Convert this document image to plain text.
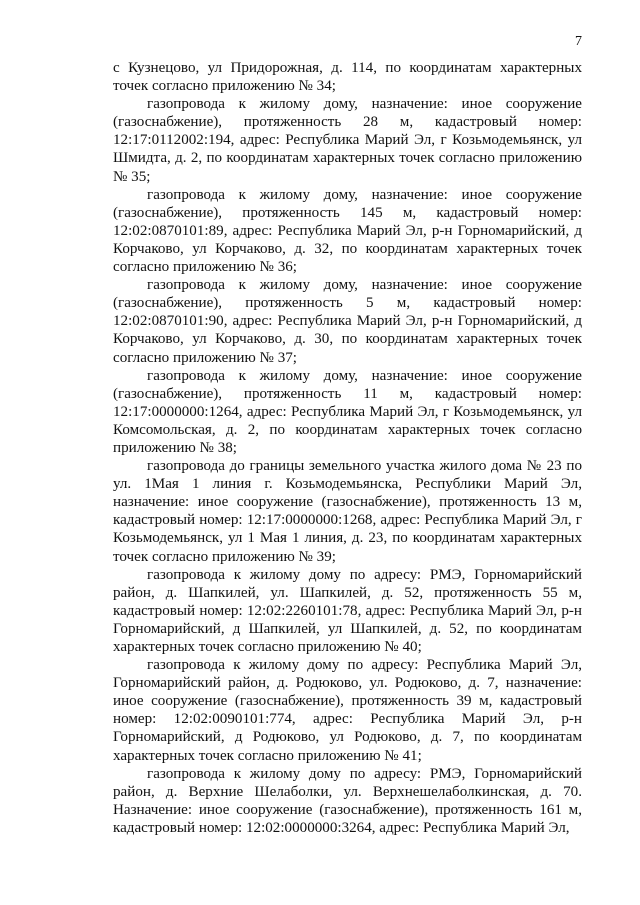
7

с Кузнецово, ул Придорожная, д. 114, по координатам характерных точек согласно приложению № 34;

газопровода к жилому дому, назначение: иное сооружение (газоснабжение), протяженность 28 м, кадастровый номер: 12:17:0112002:194, адрес: Республика Марий Эл, г Козьмодемьянск, ул Шмидта, д. 2, по координатам характерных точек согласно приложению № 35;

газопровода к жилому дому, назначение: иное сооружение (газоснабжение), протяженность 145 м, кадастровый номер: 12:02:0870101:89, адрес: Республика Марий Эл, р-н Горномарийский, д Корчаково, ул Корчаково, д. 32, по координатам характерных точек согласно приложению № 36;

газопровода к жилому дому, назначение: иное сооружение (газоснабжение), протяженность 5 м, кадастровый номер: 12:02:0870101:90, адрес: Республика Марий Эл, р-н Горномарийский, д Корчаково, ул Корчаково, д. 30, по координатам характерных точек согласно приложению № 37;

газопровода к жилому дому, назначение: иное сооружение (газоснабжение), протяженность 11 м, кадастровый номер: 12:17:0000000:1264, адрес: Республика Марий Эл, г Козьмодемьянск, ул Комсомольская, д. 2, по координатам характерных точек согласно приложению № 38;

газопровода до границы земельного участка жилого дома № 23 по ул. 1Мая 1 линия г. Козьмодемьянска, Республики Марий Эл, назначение: иное сооружение (газоснабжение), протяженность 13 м, кадастровый номер: 12:17:0000000:1268, адрес: Республика Марий Эл, г Козьмодемьянск, ул 1 Мая 1 линия, д. 23, по координатам характерных точек согласно приложению № 39;

газопровода к жилому дому по адресу: РМЭ, Горномарийский район, д. Шапкилей, ул. Шапкилей, д. 52, протяженность 55 м, кадастровый номер: 12:02:2260101:78, адрес: Республика Марий Эл, р-н Горномарийский, д Шапкилей, ул Шапкилей, д. 52, по координатам характерных точек согласно приложению № 40;

газопровода к жилому дому по адресу: Республика Марий Эл, Горномарийский район, д. Родюково, ул. Родюково, д. 7, назначение: иное сооружение (газоснабжение), протяженность 39 м, кадастровый номер: 12:02:0090101:774, адрес: Республика Марий Эл, р-н Горномарийский, д Родюково, ул Родюково, д. 7, по координатам характерных точек согласно приложению № 41;

газопровода к жилому дому по адресу: РМЭ, Горномарийский район, д. Верхние Шелаболки, ул. Верхнешелаболкинская, д. 70. Назначение: иное сооружение (газоснабжение), протяженность 161 м, кадастровый номер: 12:02:0000000:3264, адрес: Республика Марий Эл,
